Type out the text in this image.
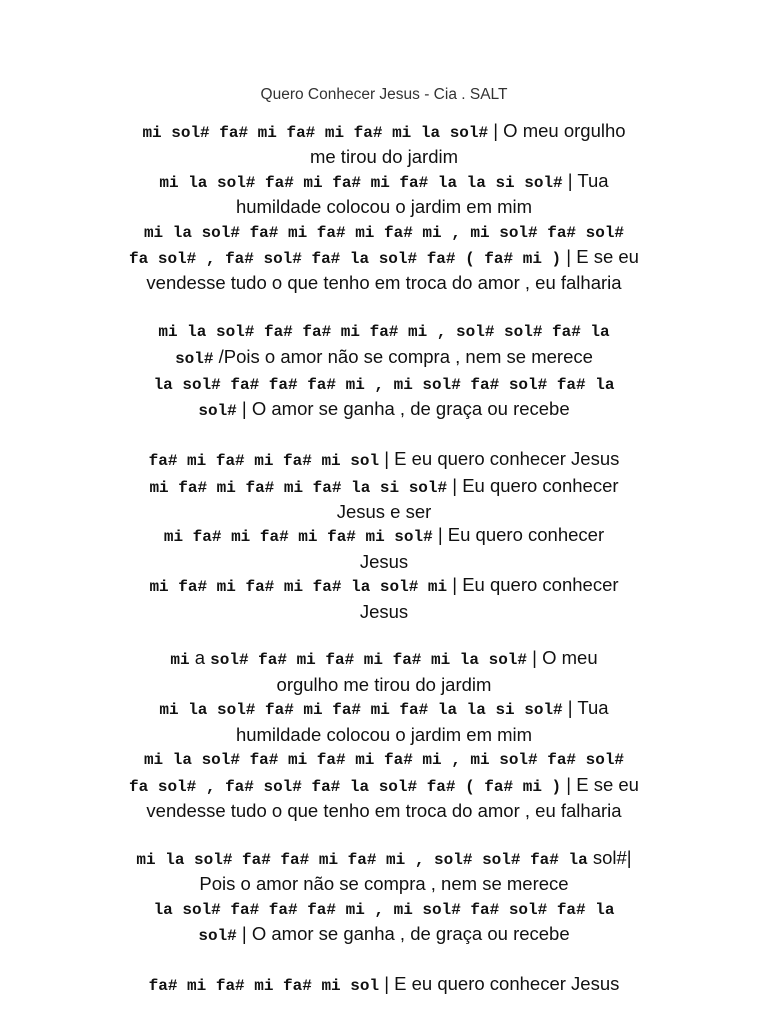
Quero Conhecer Jesus - Cia . SALT
mi sol# fa# mi fa# mi fa# mi la sol# | O meu orgulho
me tirou do jardim
mi la sol# fa# mi fa# mi fa# la la si sol# | Tua
humildade colocou o jardim em mim
mi la sol# fa# mi fa# mi fa# mi , mi sol# fa# sol#
fa sol# , fa# sol# fa# la sol# fa# ( fa# mi ) | E se eu
vendesse tudo o que tenho em troca do amor , eu falharia
mi la sol# fa# fa# mi fa# mi , sol# sol# fa# la
sol# /Pois o amor não se compra , nem se merece
la sol# fa# fa# fa# mi , mi sol# fa# sol# fa# la
sol# | O amor se ganha , de graça ou recebe
fa# mi fa# mi fa# mi sol | E eu quero conhecer Jesus
mi fa# mi fa# mi fa# la si sol# | Eu quero conhecer
Jesus e ser
mi fa# mi fa# mi fa# mi sol# | Eu quero conhecer
Jesus
mi fa# mi fa# mi fa# la sol# mi | Eu quero conhecer
Jesus
mi a sol# fa# mi fa# mi fa# mi la sol# | O meu
orgulho me tirou do jardim
mi la sol# fa# mi fa# mi fa# la la si sol# | Tua
humildade colocou o jardim em mim
mi la sol# fa# mi fa# mi fa# mi , mi sol# fa# sol#
fa sol# , fa# sol# fa# la sol# fa# ( fa# mi ) | E se eu
vendesse tudo o que tenho em troca do amor , eu falharia
mi la sol# fa# fa# mi fa# mi , sol# sol# fa# la sol#|
Pois o amor não se compra , nem se merece
la sol# fa# fa# fa# mi , mi sol# fa# sol# fa# la
sol# | O amor se ganha , de graça ou recebe
fa# mi fa# mi fa# mi sol | E eu quero conhecer Jesus
